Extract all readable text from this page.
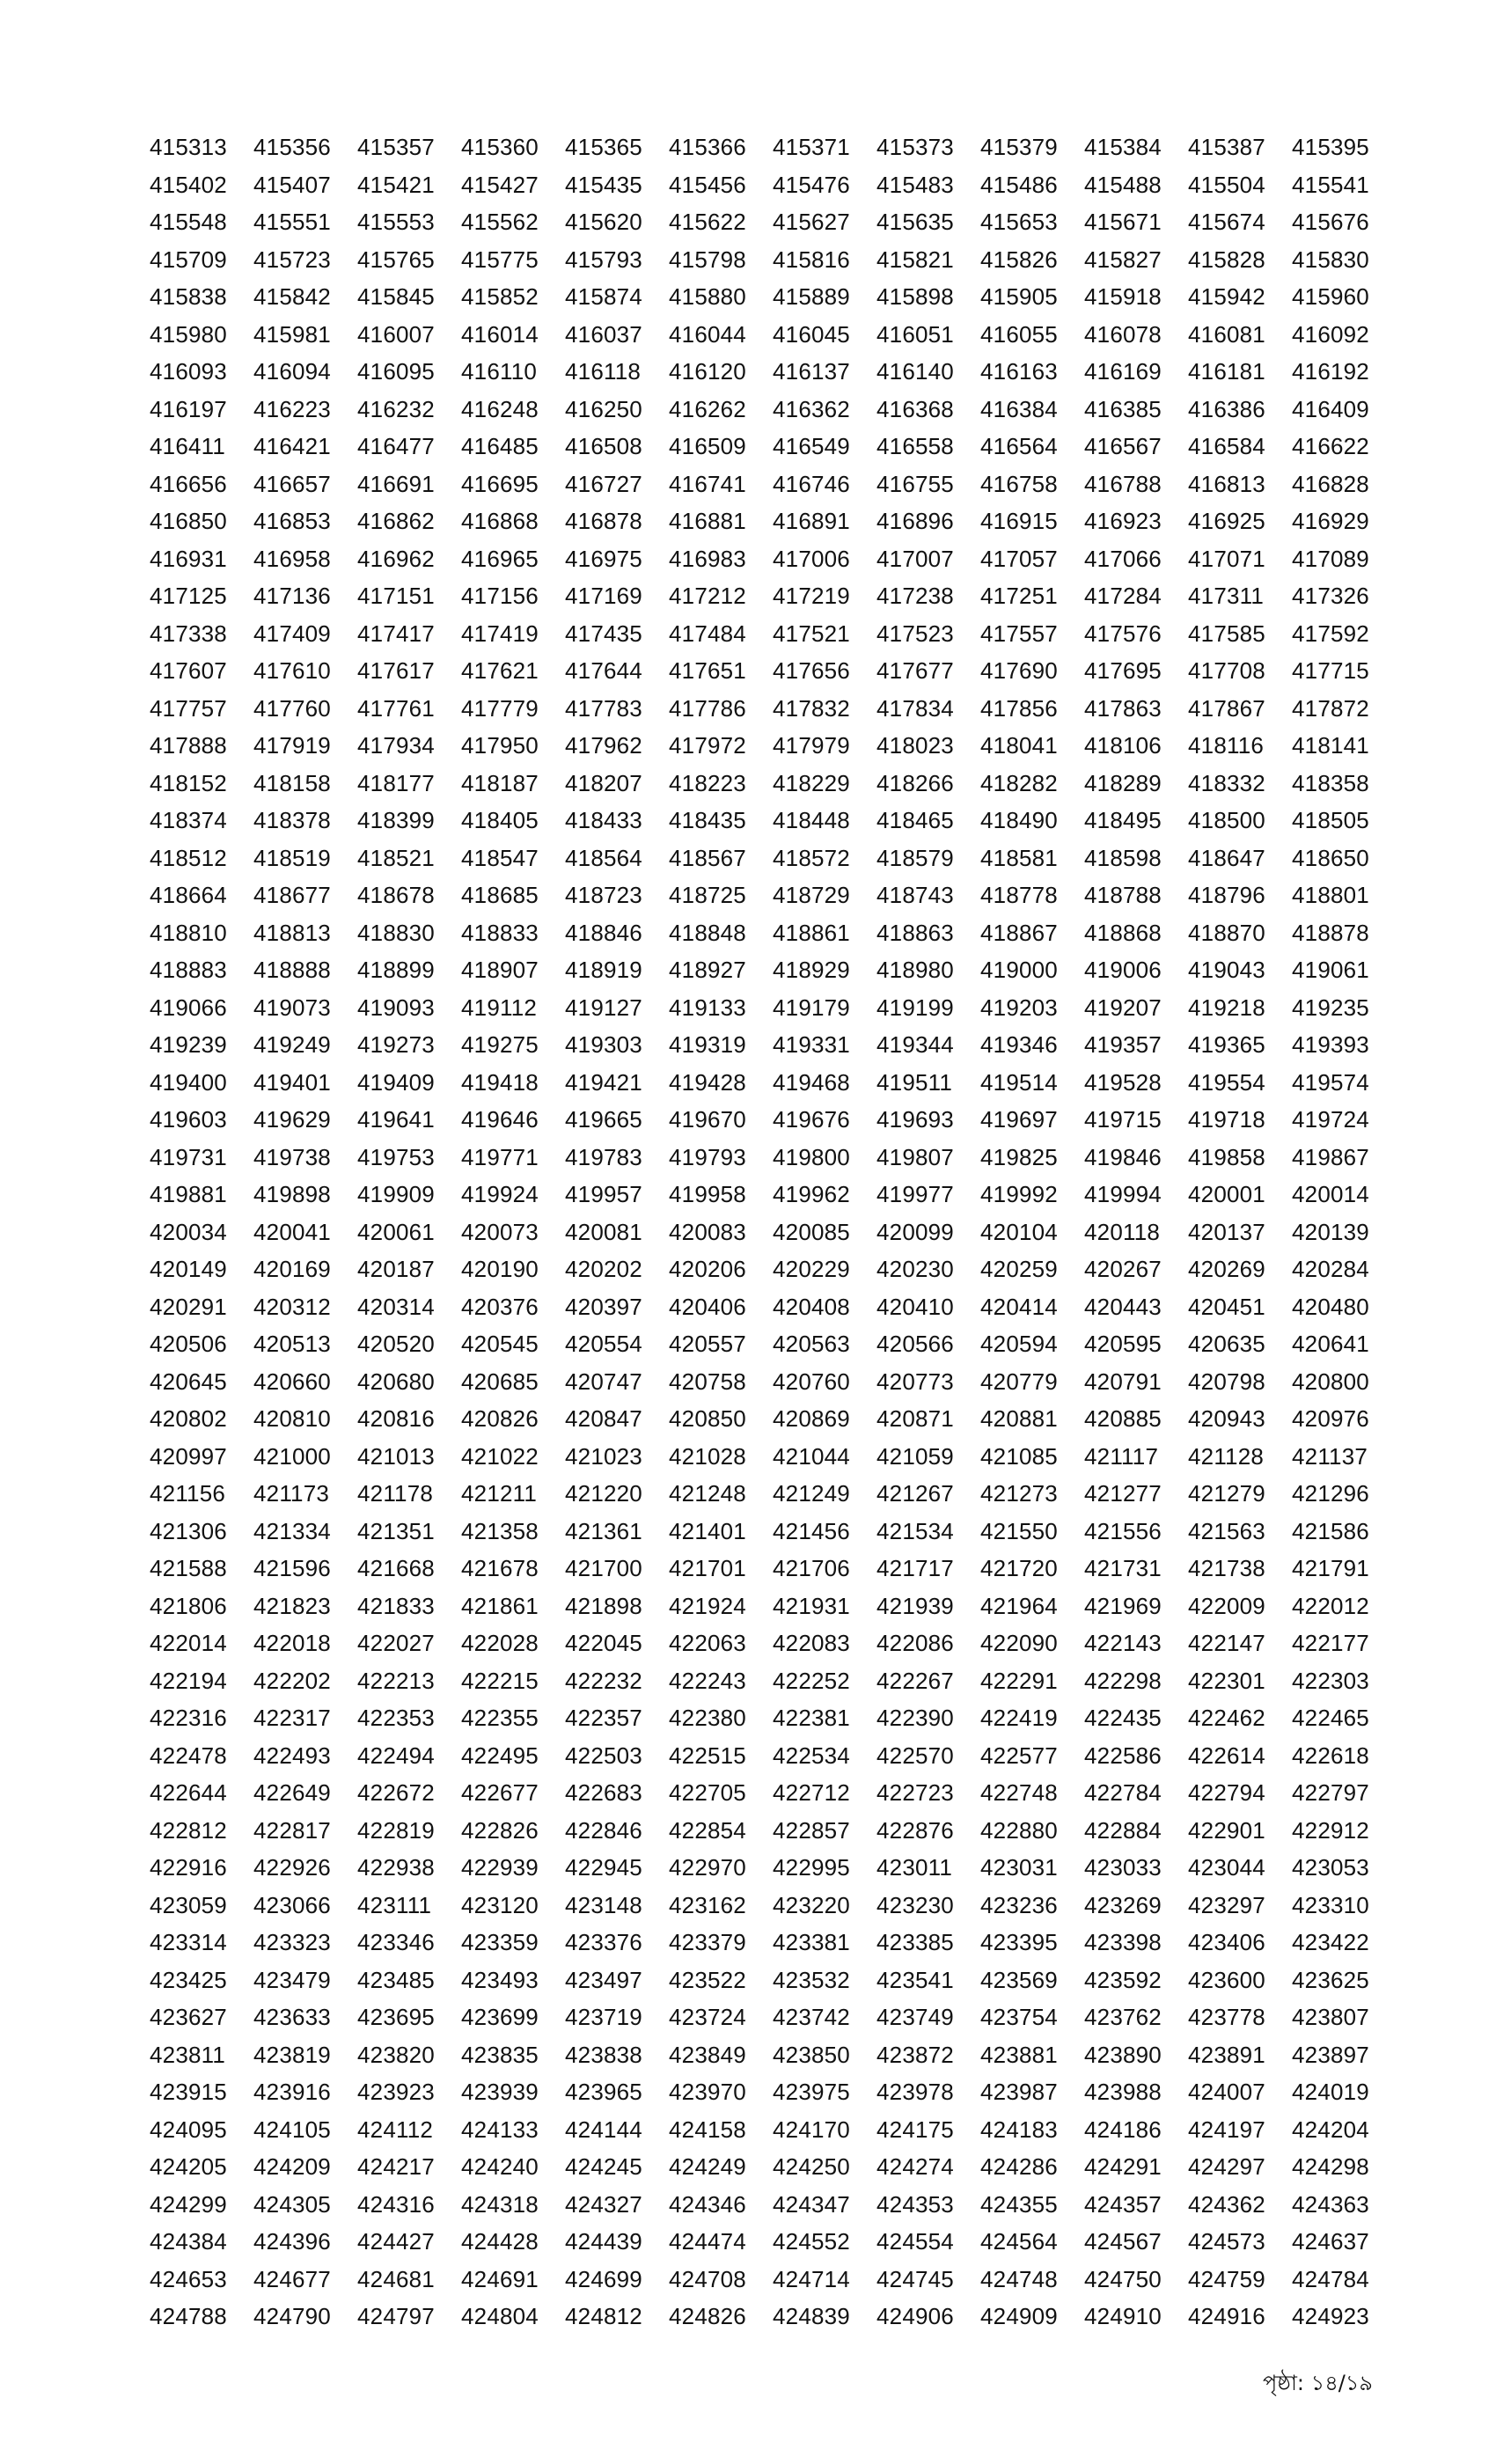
415313	415356	415357	415360	415365	415366	415371	415373	415379	415384	415387	415395
415402	415407	415421	415427	415435	415456	415476	415483	415486	415488	415504	415541
415548	415551	415553	415562	415620	415622	415627	415635	415653	415671	415674	415676
415709	415723	415765	415775	415793	415798	415816	415821	415826	415827	415828	415830
415838	415842	415845	415852	415874	415880	415889	415898	415905	415918	415942	415960
415980	415981	416007	416014	416037	416044	416045	416051	416055	416078	416081	416092
416093	416094	416095	416110	416118	416120	416137	416140	416163	416169	416181	416192
416197	416223	416232	416248	416250	416262	416362	416368	416384	416385	416386	416409
416411	416421	416477	416485	416508	416509	416549	416558	416564	416567	416584	416622
416656	416657	416691	416695	416727	416741	416746	416755	416758	416788	416813	416828
416850	416853	416862	416868	416878	416881	416891	416896	416915	416923	416925	416929
416931	416958	416962	416965	416975	416983	417006	417007	417057	417066	417071	417089
417125	417136	417151	417156	417169	417212	417219	417238	417251	417284	417311	417326
417338	417409	417417	417419	417435	417484	417521	417523	417557	417576	417585	417592
417607	417610	417617	417621	417644	417651	417656	417677	417690	417695	417708	417715
417757	417760	417761	417779	417783	417786	417832	417834	417856	417863	417867	417872
417888	417919	417934	417950	417962	417972	417979	418023	418041	418106	418116	418141
418152	418158	418177	418187	418207	418223	418229	418266	418282	418289	418332	418358
418374	418378	418399	418405	418433	418435	418448	418465	418490	418495	418500	418505
418512	418519	418521	418547	418564	418567	418572	418579	418581	418598	418647	418650
418664	418677	418678	418685	418723	418725	418729	418743	418778	418788	418796	418801
418810	418813	418830	418833	418846	418848	418861	418863	418867	418868	418870	418878
418883	418888	418899	418907	418919	418927	418929	418980	419000	419006	419043	419061
419066	419073	419093	419112	419127	419133	419179	419199	419203	419207	419218	419235
419239	419249	419273	419275	419303	419319	419331	419344	419346	419357	419365	419393
419400	419401	419409	419418	419421	419428	419468	419511	419514	419528	419554	419574
419603	419629	419641	419646	419665	419670	419676	419693	419697	419715	419718	419724
419731	419738	419753	419771	419783	419793	419800	419807	419825	419846	419858	419867
419881	419898	419909	419924	419957	419958	419962	419977	419992	419994	420001	420014
420034	420041	420061	420073	420081	420083	420085	420099	420104	420118	420137	420139
420149	420169	420187	420190	420202	420206	420229	420230	420259	420267	420269	420284
420291	420312	420314	420376	420397	420406	420408	420410	420414	420443	420451	420480
420506	420513	420520	420545	420554	420557	420563	420566	420594	420595	420635	420641
420645	420660	420680	420685	420747	420758	420760	420773	420779	420791	420798	420800
420802	420810	420816	420826	420847	420850	420869	420871	420881	420885	420943	420976
420997	421000	421013	421022	421023	421028	421044	421059	421085	421117	421128	421137
421156	421173	421178	421211	421220	421248	421249	421267	421273	421277	421279	421296
421306	421334	421351	421358	421361	421401	421456	421534	421550	421556	421563	421586
421588	421596	421668	421678	421700	421701	421706	421717	421720	421731	421738	421791
421806	421823	421833	421861	421898	421924	421931	421939	421964	421969	422009	422012
422014	422018	422027	422028	422045	422063	422083	422086	422090	422143	422147	422177
422194	422202	422213	422215	422232	422243	422252	422267	422291	422298	422301	422303
422316	422317	422353	422355	422357	422380	422381	422390	422419	422435	422462	422465
422478	422493	422494	422495	422503	422515	422534	422570	422577	422586	422614	422618
422644	422649	422672	422677	422683	422705	422712	422723	422748	422784	422794	422797
422812	422817	422819	422826	422846	422854	422857	422876	422880	422884	422901	422912
422916	422926	422938	422939	422945	422970	422995	423011	423031	423033	423044	423053
423059	423066	423111	423120	423148	423162	423220	423230	423236	423269	423297	423310
423314	423323	423346	423359	423376	423379	423381	423385	423395	423398	423406	423422
423425	423479	423485	423493	423497	423522	423532	423541	423569	423592	423600	423625
423627	423633	423695	423699	423719	423724	423742	423749	423754	423762	423778	423807
423811	423819	423820	423835	423838	423849	423850	423872	423881	423890	423891	423897
423915	423916	423923	423939	423965	423970	423975	423978	423987	423988	424007	424019
424095	424105	424112	424133	424144	424158	424170	424175	424183	424186	424197	424204
424205	424209	424217	424240	424245	424249	424250	424274	424286	424291	424297	424298
424299	424305	424316	424318	424327	424346	424347	424353	424355	424357	424362	424363
424384	424396	424427	424428	424439	424474	424552	424554	424564	424567	424573	424637
424653	424677	424681	424691	424699	424708	424714	424745	424748	424750	424759	424784
424788	424790	424797	424804	424812	424826	424839	424906	424909	424910	424916	424923
পৃষ্ঠা: ১৪/১৯
